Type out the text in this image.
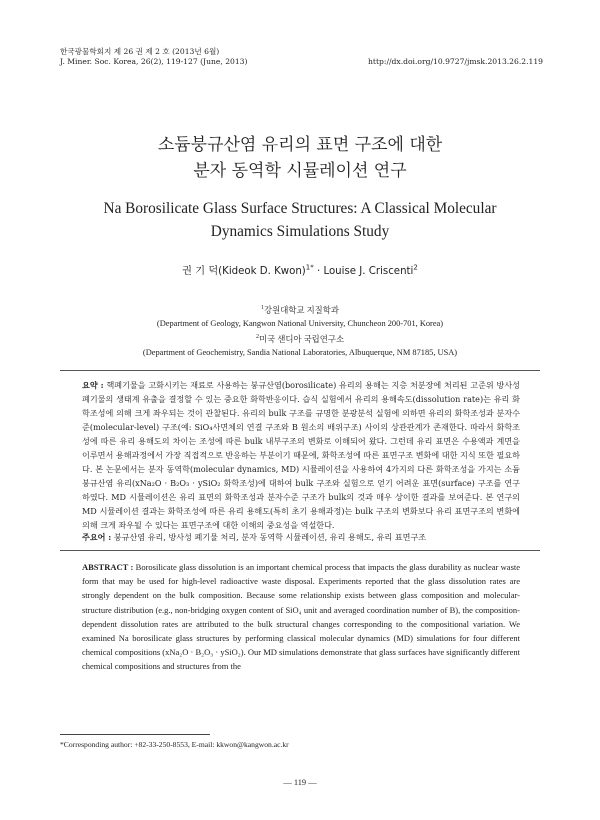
한국광물학회지 제 26 권 제 2 호 (2013년 6월)
J. Miner. Soc. Korea, 26(2), 119-127 (June, 2013)	http://dx.doi.org/10.9727/jmsk.2013.26.2.119
소듐붕규산염 유리의 표면 구조에 대한
분자 동역학 시뮬레이션 연구
Na Borosilicate Glass Surface Structures: A Classical Molecular
Dynamics Simulations Study
권 기 덕(Kideok D. Kwon)$^{1*}$ · Louise J. Criscenti$^2$
$^1$강원대학교 지질학과
(Department of Geology, Kangwon National University, Chuncheon 200-701, Korea)
$^2$미국 샌디아 국립연구소
(Department of Geochemistry, Sandia National Laboratories, Albuquerque, NM 87185, USA)
요약 : 핵폐기물을 고화시키는 재료로 사용하는 붕규산염(borosilicate) 유리의 용해는 지층 처분장에 처리된 고준위 방사성 폐기물의 생태계 유출을 결정할 수 있는 중요한 화학반응이다. 습식 실험에서 유리의 용해속도(dissolution rate)는 유리 화학조성에 의해 크게 좌우되는 것이 관찰된다. 유리의 bulk 구조를 규명한 분광분석 실험에 의하면 유리의 화학조성과 분자수준(molecular-level) 구조(예: SiO₄사면체의 연결 구조와 B 원소의 배위구조) 사이의 상관관계가 존재한다. 따라서 화학조성에 따른 유리 용해도의 차이는 조성에 따른 bulk 내부구조의 변화로 이해되어 왔다. 그런데 유리 표면은 수용액과 계면을 이루면서 용해과정에서 가장 직접적으로 반응하는 부분이기 때문에, 화학조성에 따른 표면구조 변화에 대한 지식 또한 필요하다. 본 논문에서는 분자 동역학(molecular dynamics, MD) 시뮬레이션을 사용하여 4가지의 다른 화학조성을 가지는 소듐붕규산염 유리(xNa₂O · B₂O₃ · ySiO₂ 화학조성)에 대하여 bulk 구조와 실험으로 얻기 어려운 표면(surface) 구조를 연구하였다. MD 시뮬레이션은 유리 표면의 화학조성과 분자수준 구조가 bulk의 것과 매우 상이한 결과를 보여준다. 본 연구의 MD 시뮬레이션 결과는 화학조성에 따른 유리 용해도(특히 초기 용해과정)는 bulk 구조의 변화보다 유리 표면구조의 변화에 의해 크게 좌우될 수 있다는 표면구조에 대한 이해의 중요성을 역설한다.
주요어 : 붕규산염 유리, 방사성 폐기물 처리, 분자 동역학 시뮬레이션, 유리 용해도, 유리 표면구조
ABSTRACT : Borosilicate glass dissolution is an important chemical process that impacts the glass durability as nuclear waste form that may be used for high-level radioactive waste disposal. Experiments reported that the glass dissolution rates are strongly dependent on the bulk composition. Because some relationship exists between glass composition and molecular-structure distribution (e.g., non-bridging oxygen content of SiO₄ unit and averaged coordination number of B), the composition-dependent dissolution rates are attributed to the bulk structural changes corresponding to the compositional variation. We examined Na borosilicate glass structures by performing classical molecular dynamics (MD) simulations for four different chemical compositions (xNa₂O · B₂O₃ · ySiO₂). Our MD simulations demonstrate that glass surfaces have significantly different chemical compositions and structures from the
*Corresponding author: +82-33-250-8553, E-mail: kkwon@kangwon.ac.kr
― 119 ―
